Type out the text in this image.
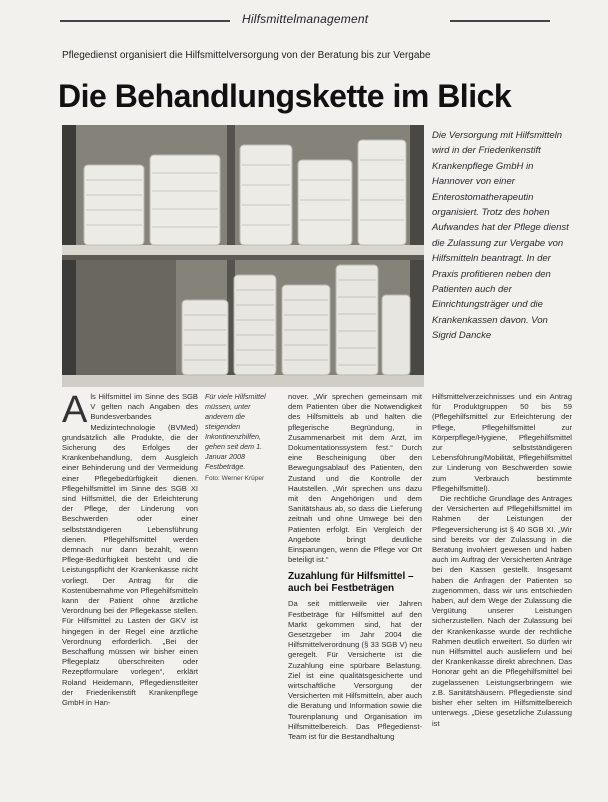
Hilfsmittelmanagement
Pflegedienst organisiert die Hilfsmittelversorgung von der Beratung bis zur Vergabe
Die Behandlungskette im Blick
Die Versorgung mit Hilfsmitteln wird in der Friederikenstift Krankenpflege GmbH in Hannover von einer Enterostomatherapeutin organisiert. Trotz des hohen Aufwandes hat der Pflege dienst die Zulassung zur Vergabe von Hilfsmitteln beantragt. In der Praxis profitieren neben den Patienten auch der Einrichtungsträger und die Krankenkassen davon. Von Sigrid Dancke
A ls Hilfsmittel im Sinne des SGB V gelten nach Angaben des Bundesverbandes Medizintechnologie (BVMed) grundsätzlich alle Produkte, die der Sicherung des Erfolges der Krankenbehandlung, dem Ausgleich einer Behinderung und der Vermeidung einer Pflegebedürftigkeit dienen. Pflegehilfsmittel im Sinne des SGB XI sind Hilfsmittel, die der Erleichterung der Pflege, der Linderung von Beschwerden oder einer selbstständigeren Lebensführung dienen. Pflegehilfsmittel werden demnach nur dann bezahlt, wenn Pflege-Bedürftigkeit besteht und die Leistungspflicht der Krankenkasse nicht vorliegt. Der Antrag für die Kostenübernahme von Pflegehilfsmitteln kann der Patient ohne ärztliche Verordnung bei der Pflegekasse stellen. Für Hilfsmittel zu Lasten der GKV ist hingegen in der Regel eine ärztliche Verordnung erforderlich. „Bei der Beschaffung müssen wir bisher einen Pflegeplatz überschreiten oder Rezeptformulare vorlegen“, erklärt Roland Heidemann, Pflegedienstleiter der Friederikenstift Krankenpflege GmbH in Han-
Für viele Hilfsmittel müssen, unter anderem die steigenden Inkontinenzhilfen, gehen seit dem 1. Januar 2008 Festbeträge.
Foto: Werner Krüper

nover. „Wir sprechen gemeinsam mit dem Patienten über die Notwendigkeit des Hilfsmittels ab und halten die pflegerische Begründung, in Zusammenarbeit mit dem Arzt, im Dokumentationssystem fest.“ Durch eine Bescheinigung über den Bewegungsablauf des Patienten, den Zustand und die Kontrolle der Hautstellen. „Wir sprechen uns dazu mit den Angehörigen und dem Sanitätshaus ab, so dass die Lieferung zeitnah und ohne Umwege bei den Patienten erfolgt. Ein Vergleich der Angebote bringt deutliche Einsparungen, wenn die Pflege vor Ort beteiligt ist.“

Zuzahlung für Hilfsmittel – auch bei Festbeträgen

Da seit mittlerweile vier Jahren Festbeträge für Hilfsmittel auf den Markt gekommen sind, hat der Gesetzgeber im Jahr 2004 die Hilfsmittelverordnung (§ 33 SGB V) neu geregelt. Für Versicherte ist die Zuzahlung eine spürbare Belastung. Ziel ist eine qualitätsgesicherte und wirtschaftliche Versorgung der Versicherten mit Hilfsmitteln, aber auch die Beratung und Information sowie die Tourenplanung und Organisation im Hilfsmittelbereich. Das Pflegedienst-Team ist für die Bestandhaltung

Hilfsmittelverzeichnisses und ein Antrag für Produktgruppen 50 bis 59 (Pflegehilfsmittel zur Erleichterung der Pflege, Pflegehilfsmittel zur Körperpflege/Hygiene, Pflegehilfsmittel zur selbstständigeren Lebensführung/Mobilität, Pflegehilfsmittel zur Linderung von Beschwerden sowie zum Verbrauch bestimmte Pflegehilfsmittel).

Die rechtliche Grundlage des Antrages der Versicherten auf Pflegehilfsmittel im Rahmen der Leistungen der Pflegeversicherung ist § 40 SGB XI. „Wir sind bereits vor der Zulassung in die Beratung involviert gewesen und haben auch im Auftrag der Versicherten Anträge bei den Kassen gestellt. Insgesamt haben die Anfragen der Patienten so zugenommen, dass wir uns entschieden haben, auf dem Wege der Zulassung die Vergütung unserer Leistungen sicherzustellen. Nach der Zulassung bei der Krankenkasse wurde der rechtliche Rahmen deutlich erweitert. So dürfen wir nun Hilfsmittel auch ausliefern und bei der Krankenkasse direkt abrechnen. Das Honorar geht an die Pflegehilfsmittel bei zugelassenen Leistungserbringern wie z.B. Sanitätshäusern. Pflegedienste sind bisher eher selten im Hilfsmittelbereich unterwegs. „Diese gesetzliche Zulassung ist
